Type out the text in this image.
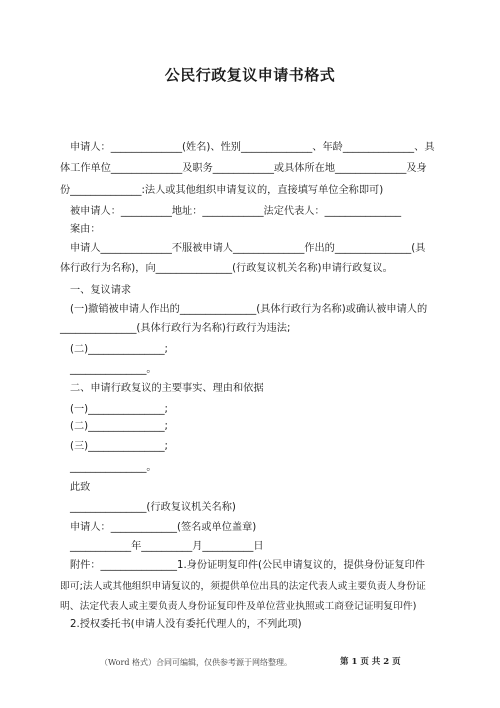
公民行政复议申请书格式
申请人：______________(姓名)、性别______________、年龄______________、具
体工作单位______________及职务____________或具体所在地______________及身
份______________:法人或其他组织申请复议的，直接填写单位全称即可)
被申请人：__________地址：____________法定代表人：_______________
案由：
申请人______________不服被申请人______________作出的_______________(具
体行政行为名称)，向_______________(行政复议机关名称)申请行政复议。
一、复议请求
(一)撤销被申请人作出的_______________(具体行政行为名称)或确认被申请人的
_______________(具体行政行为名称)行政行为违法;
(二)_______________;
_______________。
二、申请行政复议的主要事实、理由和依据
(一)_______________;
(二)_______________;
(三)_______________;
_______________。
此致
_______________(行政复议机关名称)
申请人：_____________(签名或单位盖章)
____________年__________月__________日
附件：_______________1.身份证明复印件(公民申请复议的，提供身份证复印件
即可;法人或其他组织申请复议的，须提供单位出具的法定代表人或主要负责人身份证
明、法定代表人或主要负责人身份证复印件及单位营业执照或工商登记证明复印件)
2.授权委托书(申请人没有委托代理人的，不列此项)
（Word 格式）合同可编辑，仅供参考源于网络整理。	第 1 页 共 2 页
